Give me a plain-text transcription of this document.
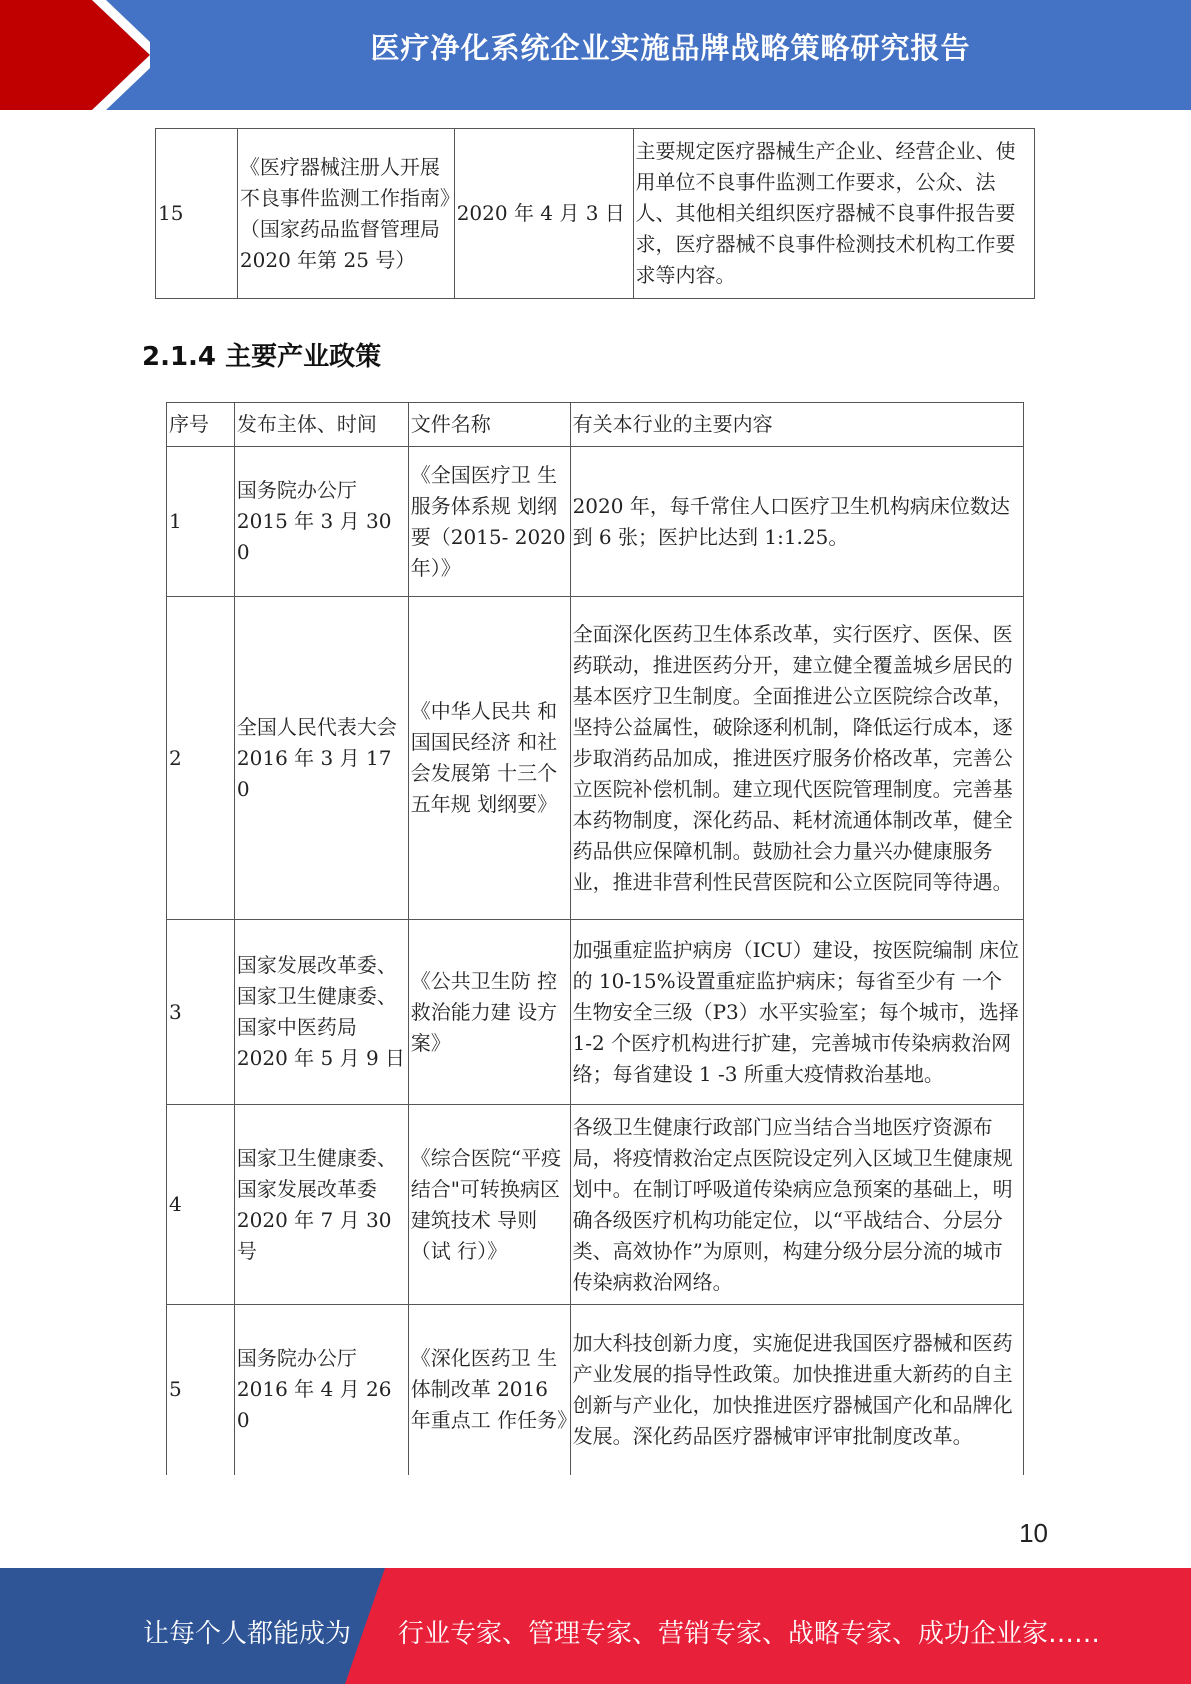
医疗净化系统企业实施品牌战略策略研究报告
15	《医疗器械注册人开展不良事件监测工作指南》（国家药品监督管理局 2020 年第 25 号）	2020 年 4 月 3 日	主要规定医疗器械生产企业、经营企业、使用单位不良事件监测工作要求，公众、法人、其他相关组织医疗器械不良事件报告要求，医疗器械不良事件检测技术机构工作要求等内容。
2.1.4 主要产业政策
序号	发布主体、时间	文件名称	有关本行业的主要内容
1	国务院办公厅 2015 年 3 月 30 0	《全国医疗卫 生服务体系规 划纲要（2015- 2020 年）》	2020 年，每千常住人口医疗卫生机构病床位数达到 6 张；医护比达到 1:1.25。
2	全国人民代表大会 2016 年 3 月 17 0	《中华人民共 和国国民经济 和社会发展第 十三个五年规 划纲要》	全面深化医药卫生体系改革，实行医疗、医保、医药联动，推进医药分开，建立健全覆盖城乡居民的基本医疗卫生制度。全面推进公立医院综合改革，坚持公益属性，破除逐利机制，降低运行成本，逐步取消药品加成，推进医疗服务价格改革，完善公立医院补偿机制。建立现代医院管理制度。完善基本药物制度，深化药品、耗材流通体制改革，健全药品供应保障机制。鼓励社会力量兴办健康服务业，推进非营利性民营医院和公立医院同等待遇。
3	国家发展改革委、国家卫生健康委、国家中医药局 2020 年 5 月 9 日	《公共卫生防 控救治能力建 设方案》	加强重症监护病房（ICU）建设，按医院编制 床位的 10-15%设置重症监护病床；每省至少有 一个生物安全三级（P3）水平实验室；每个城市，选择 1-2 个医疗机构进行扩建，完善城市传染病救治网络；每省建设 1 -3 所重大疫情救治基地。
4	国家卫生健康委、国家发展改革委 2020 年 7 月 30 号	《综合医院“平疫结合"可转换病区建筑技术 导则（试 行）》	各级卫生健康行政部门应当结合当地医疗资源布局，将疫情救治定点医院设定列入区域卫生健康规划中。在制订呼吸道传染病应急预案的基础上，明确各级医疗机构功能定位，以“平战结合、分层分类、高效协作”为原则，构建分级分层分流的城市传染病救治网络。
5	国务院办公厅 2016 年 4 月 26 0	《深化医药卫 生体制改革 2016 年重点工 作任务》	加大科技创新力度，实施促进我国医疗器械和医药产业发展的指导性政策。加快推进重大新药的自主创新与产业化，加快推进医疗器械国产化和品牌化发展。深化药品医疗器械审评审批制度改革。
10
让每个人都能成为 行业专家、管理专家、营销专家、战略专家、成功企业家……
